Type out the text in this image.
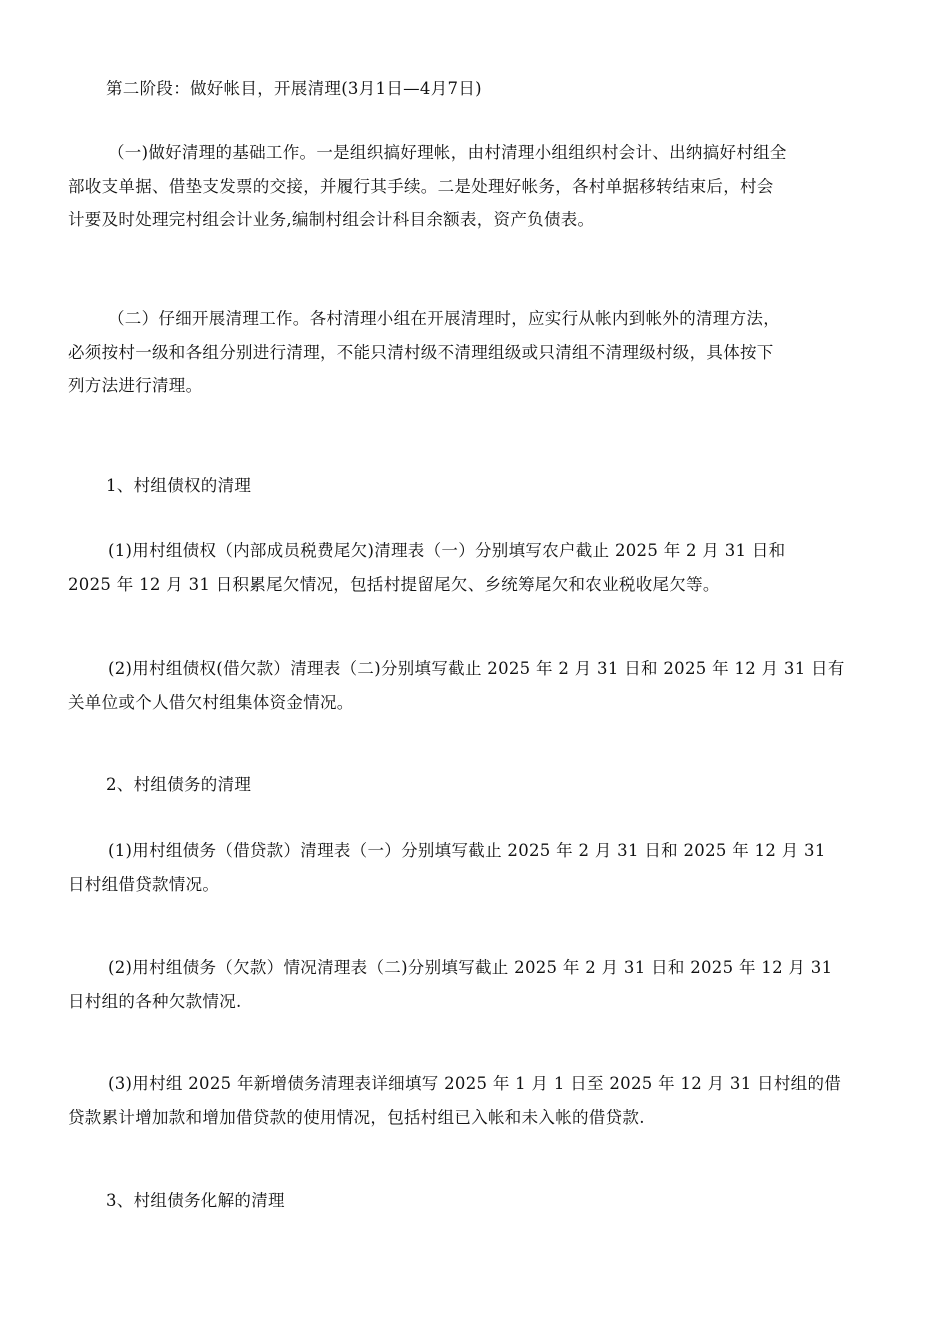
第二阶段：做好帐目，开展清理(3月1日—4月7日)

（一)做好清理的基础工作。一是组织搞好理帐，由村清理小组组织村会计、出纳搞好村组全
部收支单据、借垫支发票的交接，并履行其手续。二是处理好帐务，各村单据移转结束后，村会
计要及时处理完村组会计业务,编制村组会计科目余额表，资产负债表。

（二）仔细开展清理工作。各村清理小组在开展清理时，应实行从帐内到帐外的清理方法，
必须按村一级和各组分别进行清理，不能只清村级不清理组级或只清组不清理级村级，具体按下
列方法进行清理。

1、村组债权的清理

(1)用村组债权（内部成员税费尾欠)清理表（一）分别填写农户截止 2025 年 2 月 31 日和
2025 年 12 月 31 日积累尾欠情况，包括村提留尾欠、乡统筹尾欠和农业税收尾欠等。

(2)用村组债权(借欠款）清理表（二)分别填写截止 2025 年 2 月 31 日和 2025 年 12 月 31 日有
关单位或个人借欠村组集体资金情况。

2、村组债务的清理

(1)用村组债务（借贷款）清理表（一）分别填写截止 2025 年 2 月 31 日和 2025 年 12 月 31
日村组借贷款情况。

(2)用村组债务（欠款）情况清理表（二)分别填写截止 2025 年 2 月 31 日和 2025 年 12 月 31
日村组的各种欠款情况.

(3)用村组 2025 年新增债务清理表详细填写 2025 年 1 月 1 日至 2025 年 12 月 31 日村组的借
贷款累计增加款和增加借贷款的使用情况，包括村组已入帐和未入帐的借贷款.

3、村组债务化解的清理
